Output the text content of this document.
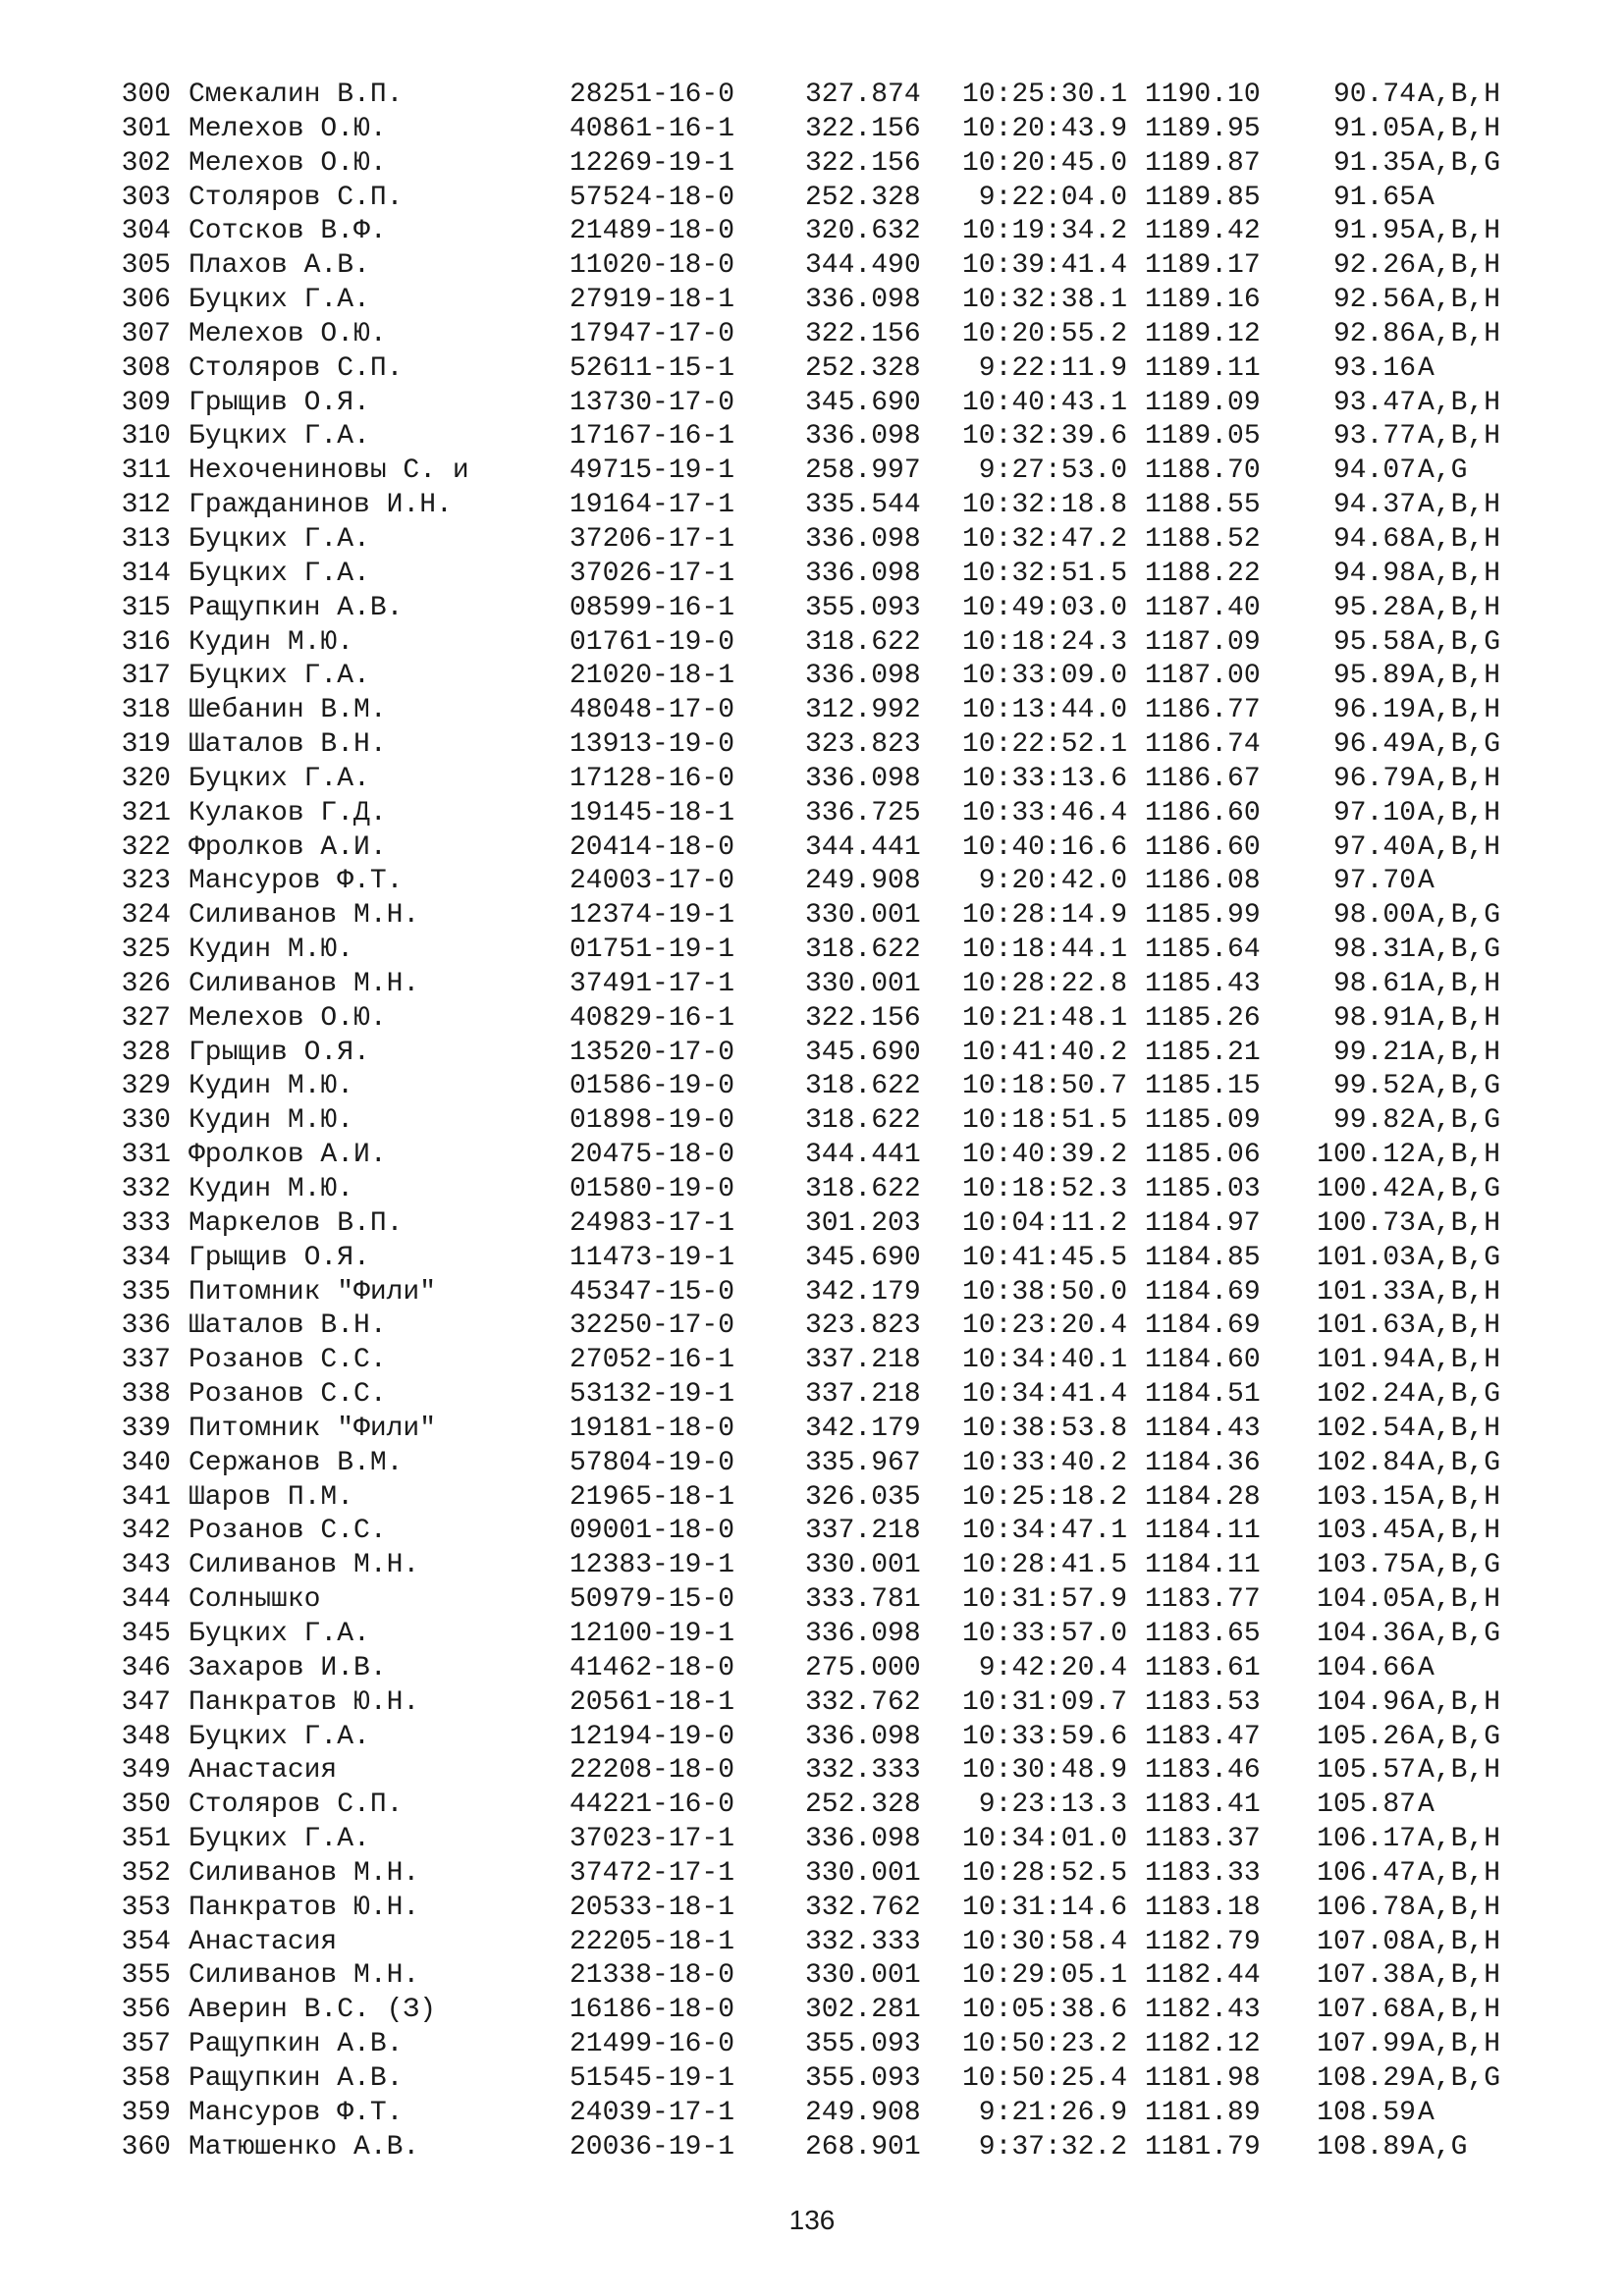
300 Смекалин В.П.	28251-16-0	327.874	10:25:30.1 1190.10	90.74 A,B,H
301 Мелехов О.Ю.	40861-16-1	322.156	10:20:43.9 1189.95	91.05 A,B,H
302 Мелехов О.Ю.	12269-19-1	322.156	10:20:45.0 1189.87	91.35 A,B,G
303 Столяров С.П.	57524-18-0	252.328	9:22:04.0 1189.85	91.65 A
304 Сотсков В.Ф.	21489-18-0	320.632	10:19:34.2 1189.42	91.95 A,B,H
305 Плахов А.В.	11020-18-0	344.490	10:39:41.4 1189.17	92.26 A,B,H
306 Буцких Г.А.	27919-18-1	336.098	10:32:38.1 1189.16	92.56 A,B,H
307 Мелехов О.Ю.	17947-17-0	322.156	10:20:55.2 1189.12	92.86 A,B,H
308 Столяров С.П.	52611-15-1	252.328	9:22:11.9 1189.11	93.16 A
309 Грыщив О.Я.	13730-17-0	345.690	10:40:43.1 1189.09	93.47 A,B,H
310 Буцких Г.А.	17167-16-1	336.098	10:32:39.6 1189.05	93.77 A,B,H
311 Нехочениновы С. и	49715-19-1	258.997	9:27:53.0 1188.70	94.07 A,G
312 Гражданинов И.Н.	19164-17-1	335.544	10:32:18.8 1188.55	94.37 A,B,H
313 Буцких Г.А.	37206-17-1	336.098	10:32:47.2 1188.52	94.68 A,B,H
314 Буцких Г.А.	37026-17-1	336.098	10:32:51.5 1188.22	94.98 A,B,H
315 Ращупкин А.В.	08599-16-1	355.093	10:49:03.0 1187.40	95.28 A,B,H
316 Кудин М.Ю.	01761-19-0	318.622	10:18:24.3 1187.09	95.58 A,B,G
317 Буцких Г.А.	21020-18-1	336.098	10:33:09.0 1187.00	95.89 A,B,H
318 Шебанин В.М.	48048-17-0	312.992	10:13:44.0 1186.77	96.19 A,B,H
319 Шаталов В.Н.	13913-19-0	323.823	10:22:52.1 1186.74	96.49 A,B,G
320 Буцких Г.А.	17128-16-0	336.098	10:33:13.6 1186.67	96.79 A,B,H
321 Кулаков Г.Д.	19145-18-1	336.725	10:33:46.4 1186.60	97.10 A,B,H
322 Фролков А.И.	20414-18-0	344.441	10:40:16.6 1186.60	97.40 A,B,H
323 Мансуров Ф.Т.	24003-17-0	249.908	9:20:42.0 1186.08	97.70 A
324 Силиванов М.Н.	12374-19-1	330.001	10:28:14.9 1185.99	98.00 A,B,G
325 Кудин М.Ю.	01751-19-1	318.622	10:18:44.1 1185.64	98.31 A,B,G
326 Силиванов М.Н.	37491-17-1	330.001	10:28:22.8 1185.43	98.61 A,B,H
327 Мелехов О.Ю.	40829-16-1	322.156	10:21:48.1 1185.26	98.91 A,B,H
328 Грыщив О.Я.	13520-17-0	345.690	10:41:40.2 1185.21	99.21 A,B,H
329 Кудин М.Ю.	01586-19-0	318.622	10:18:50.7 1185.15	99.52 A,B,G
330 Кудин М.Ю.	01898-19-0	318.622	10:18:51.5 1185.09	99.82 A,B,G
331 Фролков А.И.	20475-18-0	344.441	10:40:39.2 1185.06	100.12 A,B,H
332 Кудин М.Ю.	01580-19-0	318.622	10:18:52.3 1185.03	100.42 A,B,G
333 Маркелов В.П.	24983-17-1	301.203	10:04:11.2 1184.97	100.73 A,B,H
334 Грыщив О.Я.	11473-19-1	345.690	10:41:45.5 1184.85	101.03 A,B,G
335 Питомник "Фили"	45347-15-0	342.179	10:38:50.0 1184.69	101.33 A,B,H
336 Шаталов В.Н.	32250-17-0	323.823	10:23:20.4 1184.69	101.63 A,B,H
337 Розанов С.С.	27052-16-1	337.218	10:34:40.1 1184.60	101.94 A,B,H
338 Розанов С.С.	53132-19-1	337.218	10:34:41.4 1184.51	102.24 A,B,G
339 Питомник "Фили"	19181-18-0	342.179	10:38:53.8 1184.43	102.54 A,B,H
340 Сержанов В.М.	57804-19-0	335.967	10:33:40.2 1184.36	102.84 A,B,G
341 Шаров П.М.	21965-18-1	326.035	10:25:18.2 1184.28	103.15 A,B,H
342 Розанов С.С.	09001-18-0	337.218	10:34:47.1 1184.11	103.45 A,B,H
343 Силиванов М.Н.	12383-19-1	330.001	10:28:41.5 1184.11	103.75 A,B,G
344 Солнышко	50979-15-0	333.781	10:31:57.9 1183.77	104.05 A,B,H
345 Буцких Г.А.	12100-19-1	336.098	10:33:57.0 1183.65	104.36 A,B,G
346 Захаров И.В.	41462-18-0	275.000	9:42:20.4 1183.61	104.66 A
347 Панкратов Ю.Н.	20561-18-1	332.762	10:31:09.7 1183.53	104.96 A,B,H
348 Буцких Г.А.	12194-19-0	336.098	10:33:59.6 1183.47	105.26 A,B,G
349 Анастасия	22208-18-0	332.333	10:30:48.9 1183.46	105.57 A,B,H
350 Столяров С.П.	44221-16-0	252.328	9:23:13.3 1183.41	105.87 A
351 Буцких Г.А.	37023-17-1	336.098	10:34:01.0 1183.37	106.17 A,B,H
352 Силиванов М.Н.	37472-17-1	330.001	10:28:52.5 1183.33	106.47 A,B,H
353 Панкратов Ю.Н.	20533-18-1	332.762	10:31:14.6 1183.18	106.78 A,B,H
354 Анастасия	22205-18-1	332.333	10:30:58.4 1182.79	107.08 A,B,H
355 Силиванов М.Н.	21338-18-0	330.001	10:29:05.1 1182.44	107.38 A,B,H
356 Аверин В.С. (З)	16186-18-0	302.281	10:05:38.6 1182.43	107.68 A,B,H
357 Ращупкин А.В.	21499-16-0	355.093	10:50:23.2 1182.12	107.99 A,B,H
358 Ращупкин А.В.	51545-19-1	355.093	10:50:25.4 1181.98	108.29 A,B,G
359 Мансуров Ф.Т.	24039-17-1	249.908	9:21:26.9 1181.89	108.59 A
360 Матюшенко А.В.	20036-19-1	268.901	9:37:32.2 1181.79	108.89 A,G
136
